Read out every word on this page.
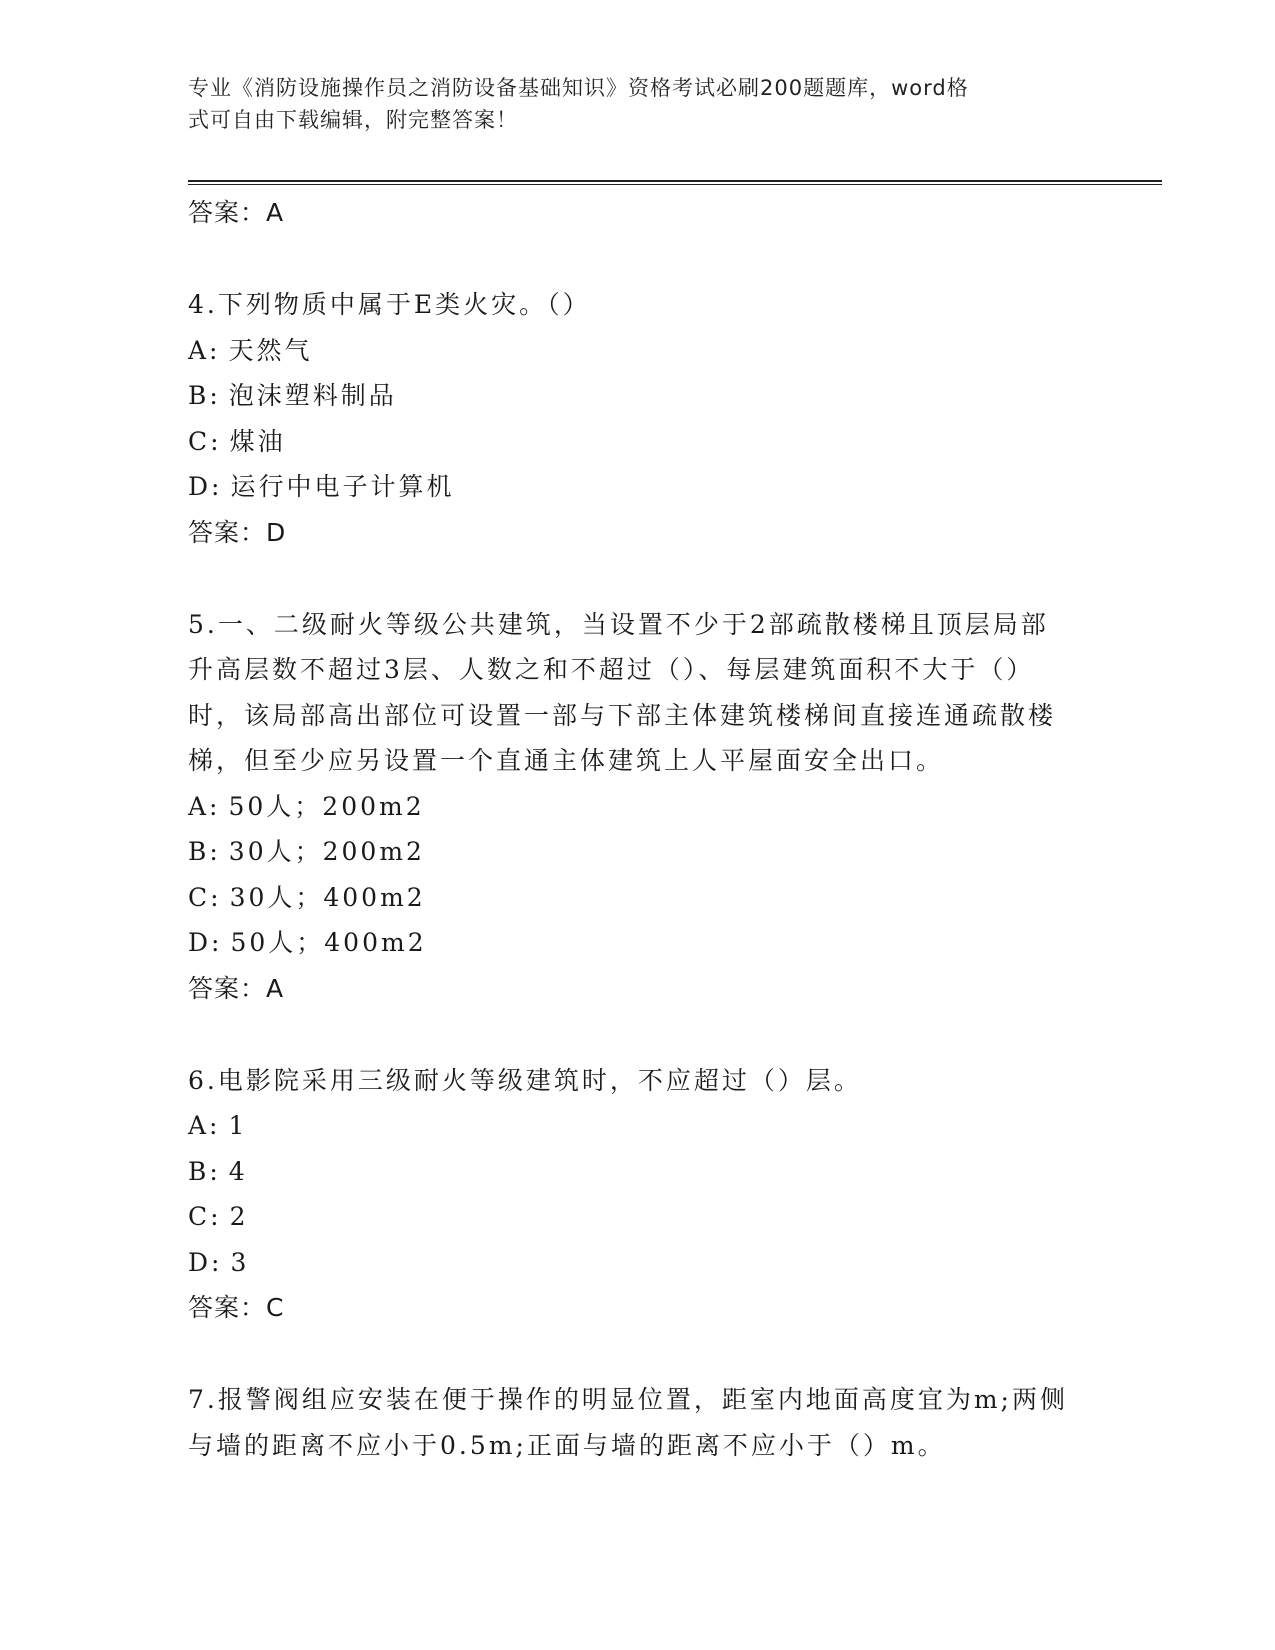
专业《消防设施操作员之消防设备基础知识》资格考试必刷200题题库，word格
式可自由下载编辑，附完整答案！
答案：A
4.下列物质中属于E类火灾。（）
A: 天然气
B: 泡沫塑料制品
C: 煤油
D: 运行中电子计算机
答案：D
5.一、二级耐火等级公共建筑，当设置不少于2部疏散楼梯且顶层局部升高层数不超过3层、人数之和不超过（）、每层建筑面积不大于（）时，该局部高出部位可设置一部与下部主体建筑楼梯间直接连通疏散楼梯，但至少应另设置一个直通主体建筑上人平屋面安全出口。
A: 50人；200m2
B: 30人；200m2
C: 30人；400m2
D: 50人；400m2
答案：A
6.电影院采用三级耐火等级建筑时，不应超过（）层。
A: 1
B: 4
C: 2
D: 3
答案：C
7.报警阀组应安装在便于操作的明显位置，距室内地面高度宜为m;两侧与墙的距离不应小于0.5m;正面与墙的距离不应小于（）m。
